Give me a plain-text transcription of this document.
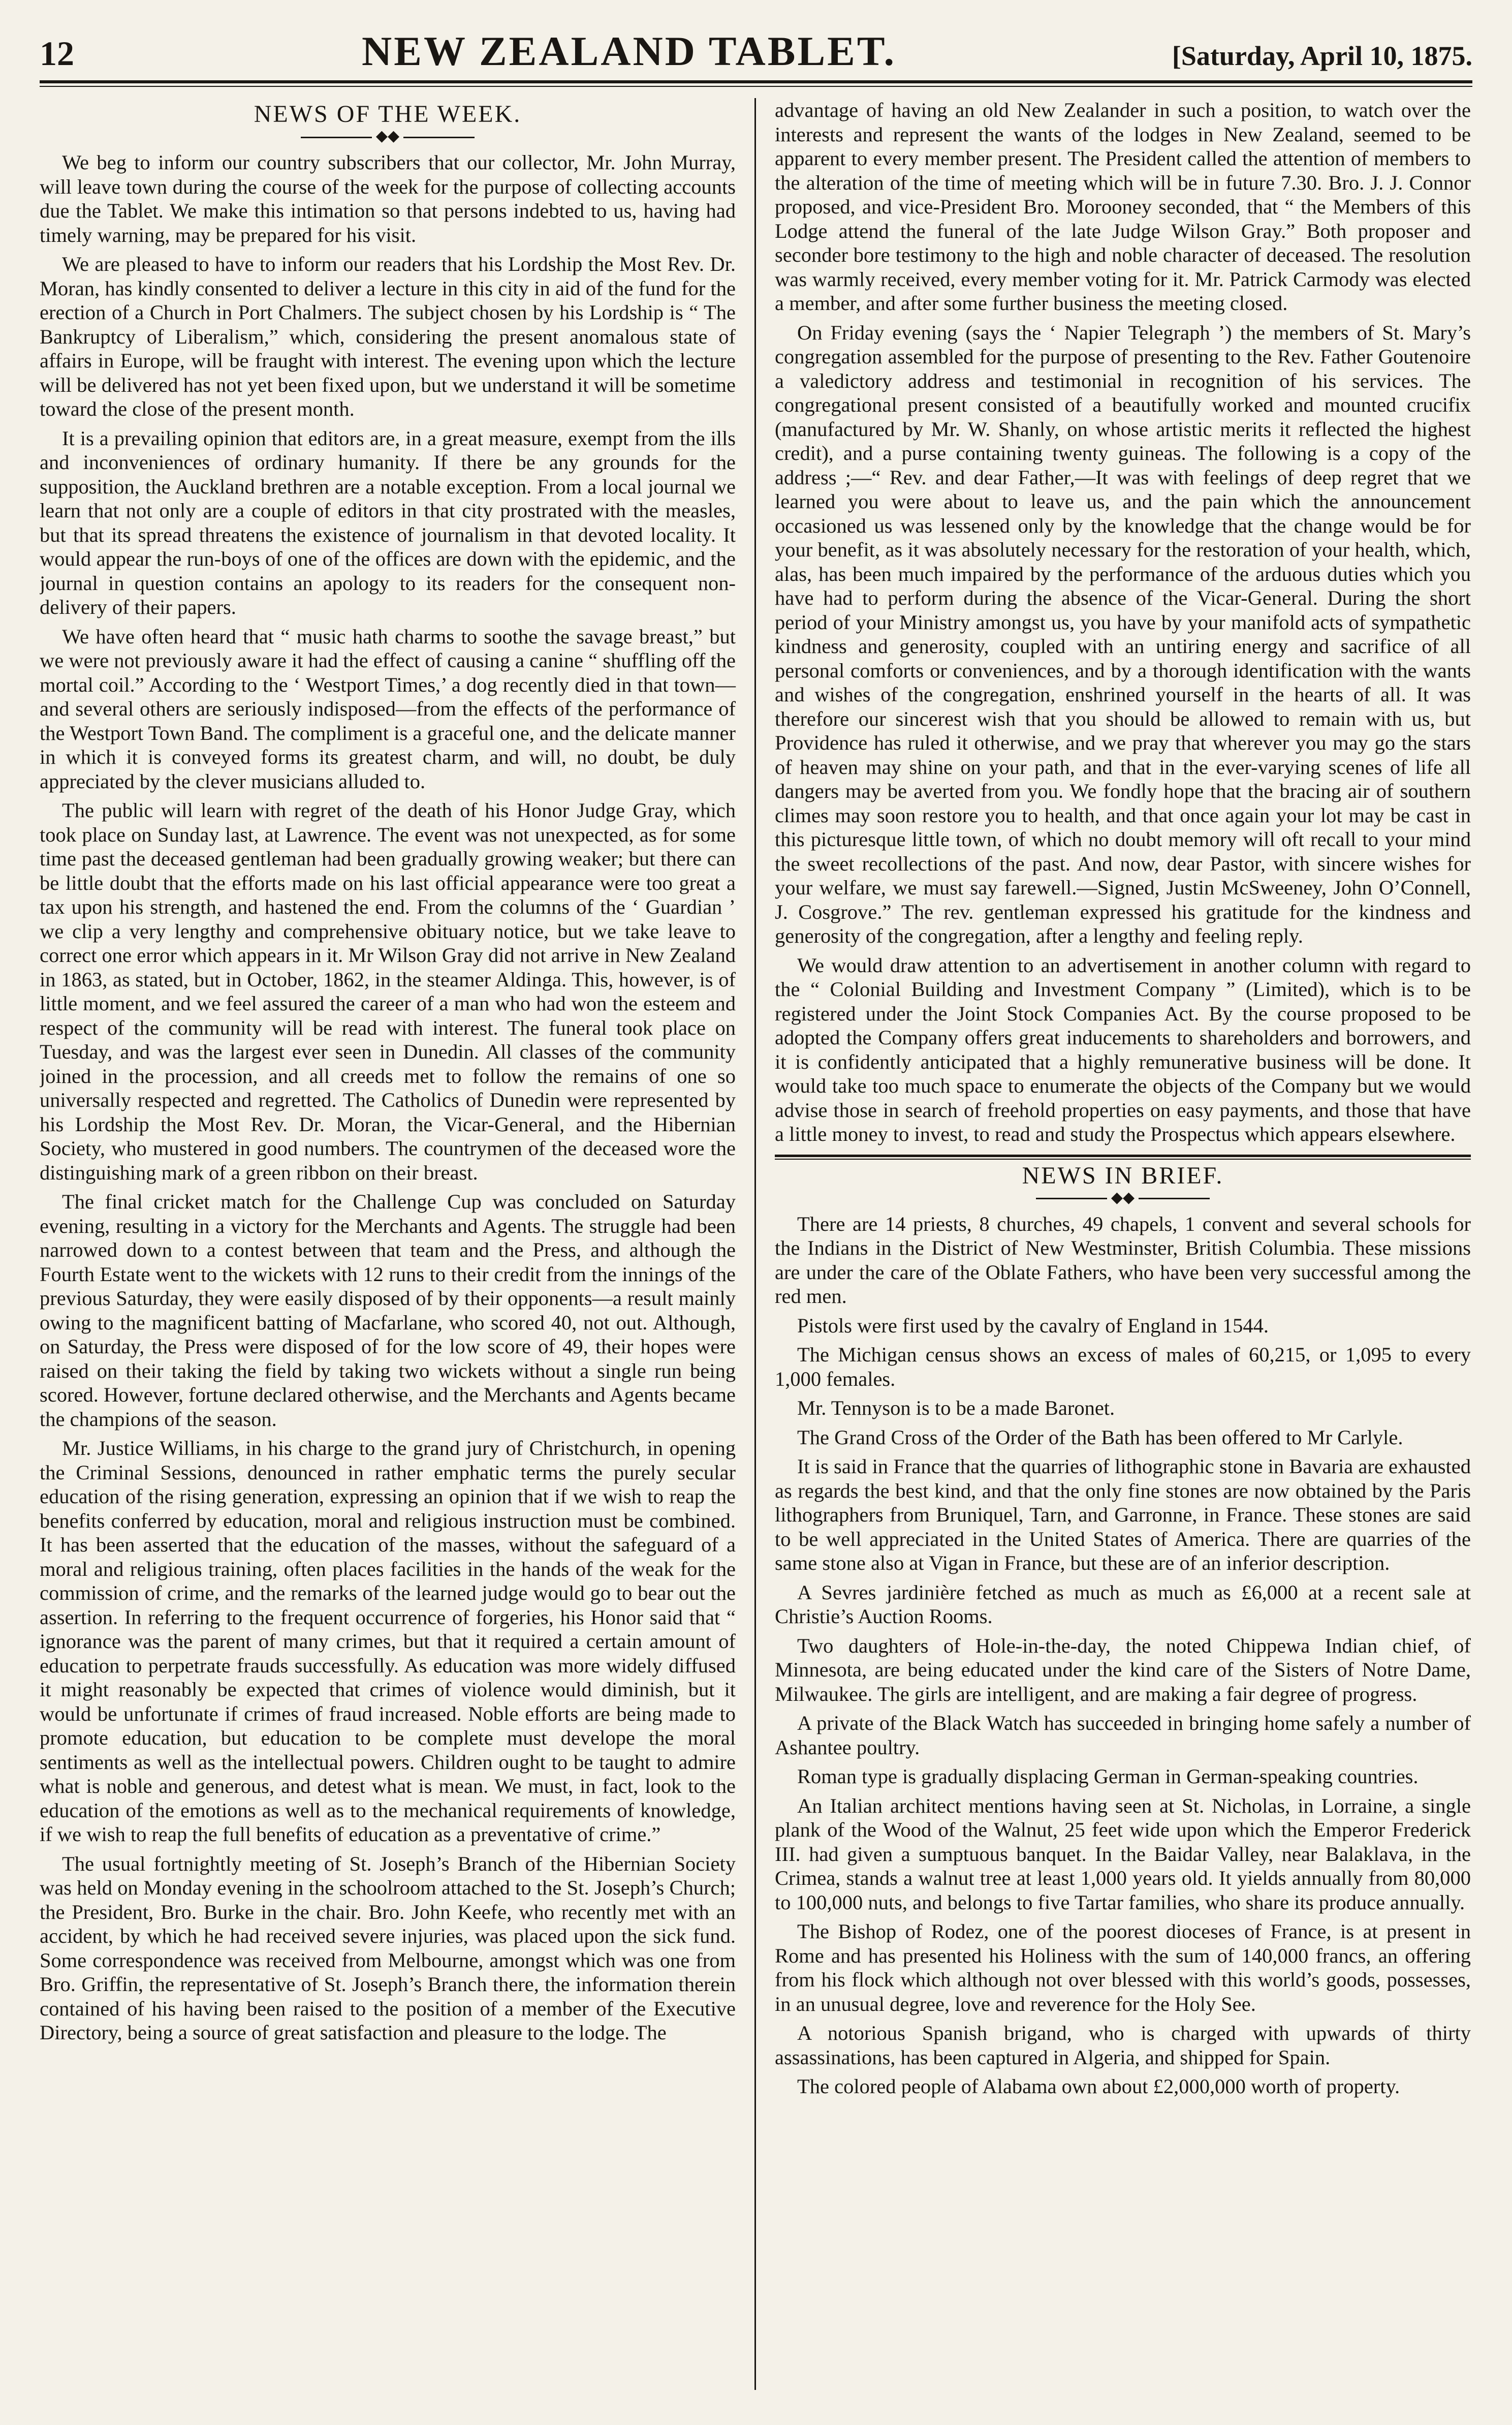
12	NEW ZEALAND TABLET.	[Saturday, April 10, 1875.
NEWS OF THE WEEK.
◆◆

We beg to inform our country subscribers that our collector, Mr. John Murray, will leave town during the course of the week for the purpose of collecting accounts due the Tablet. We make this intimation so that persons indebted to us, having had timely warning, may be prepared for his visit.

We are pleased to have to inform our readers that his Lordship the Most Rev. Dr. Moran, has kindly consented to deliver a lecture in this city in aid of the fund for the erection of a Church in Port Chalmers. The subject chosen by his Lordship is “ The Bankruptcy of Liberalism,” which, considering the present anomalous state of affairs in Europe, will be fraught with interest. The evening upon which the lecture will be delivered has not yet been fixed upon, but we understand it will be sometime toward the close of the present month.

It is a prevailing opinion that editors are, in a great measure, exempt from the ills and inconveniences of ordinary humanity. If there be any grounds for the supposition, the Auckland brethren are a notable exception. From a local journal we learn that not only are a couple of editors in that city prostrated with the measles, but that its spread threatens the existence of journalism in that devoted locality. It would appear the run-boys of one of the offices are down with the epidemic, and the journal in question contains an apology to its readers for the consequent non-delivery of their papers.

We have often heard that “ music hath charms to soothe the savage breast,” but we were not previously aware it had the effect of causing a canine “ shuffling off the mortal coil.” According to the ‘ Westport Times,’ a dog recently died in that town—and several others are seriously indisposed—from the effects of the performance of the Westport Town Band. The compliment is a graceful one, and the delicate manner in which it is conveyed forms its greatest charm, and will, no doubt, be duly appreciated by the clever musicians alluded to.

The public will learn with regret of the death of his Honor Judge Gray, which took place on Sunday last, at Lawrence. The event was not unexpected, as for some time past the deceased gentleman had been gradually growing weaker; but there can be little doubt that the efforts made on his last official appearance were too great a tax upon his strength, and hastened the end. From the columns of the ‘ Guardian ’ we clip a very lengthy and comprehensive obituary notice, but we take leave to correct one error which appears in it. Mr Wilson Gray did not arrive in New Zealand in 1863, as stated, but in October, 1862, in the steamer Aldinga. This, however, is of little moment, and we feel assured the career of a man who had won the esteem and respect of the community will be read with interest. The funeral took place on Tuesday, and was the largest ever seen in Dunedin. All classes of the community joined in the procession, and all creeds met to follow the remains of one so universally respected and regretted. The Catholics of Dunedin were represented by his Lordship the Most Rev. Dr. Moran, the Vicar-General, and the Hibernian Society, who mustered in good numbers. The countrymen of the deceased wore the distinguishing mark of a green ribbon on their breast.

The final cricket match for the Challenge Cup was concluded on Saturday evening, resulting in a victory for the Merchants and Agents. The struggle had been narrowed down to a contest between that team and the Press, and although the Fourth Estate went to the wickets with 12 runs to their credit from the innings of the previous Saturday, they were easily disposed of by their opponents—a result mainly owing to the magnificent batting of Macfarlane, who scored 40, not out. Although, on Saturday, the Press were disposed of for the low score of 49, their hopes were raised on their taking the field by taking two wickets without a single run being scored. However, fortune declared otherwise, and the Merchants and Agents became the champions of the season.

Mr. Justice Williams, in his charge to the grand jury of Christchurch, in opening the Criminal Sessions, denounced in rather emphatic terms the purely secular education of the rising generation, expressing an opinion that if we wish to reap the benefits conferred by education, moral and religious instruction must be combined. It has been asserted that the education of the masses, without the safeguard of a moral and religious training, often places facilities in the hands of the weak for the commission of crime, and the remarks of the learned judge would go to bear out the assertion. In referring to the frequent occurrence of forgeries, his Honor said that “ ignorance was the parent of many crimes, but that it required a certain amount of education to perpetrate frauds successfully. As education was more widely diffused it might reasonably be expected that crimes of violence would diminish, but it would be unfortunate if crimes of fraud increased. Noble efforts are being made to promote education, but education to be complete must develope the moral sentiments as well as the intellectual powers. Children ought to be taught to admire what is noble and generous, and detest what is mean. We must, in fact, look to the education of the emotions as well as to the mechanical requirements of knowledge, if we wish to reap the full benefits of education as a preventative of crime.”

The usual fortnightly meeting of St. Joseph’s Branch of the Hibernian Society was held on Monday evening in the schoolroom attached to the St. Joseph’s Church; the President, Bro. Burke in the chair. Bro. John Keefe, who recently met with an accident, by which he had received severe injuries, was placed upon the sick fund. Some correspondence was received from Melbourne, amongst which was one from Bro. Griffin, the representative of St. Joseph’s Branch there, the information therein contained of his having been raised to the position of a member of the Executive Directory, being a source of great satisfaction and pleasure to the lodge. The

advantage of having an old New Zealander in such a position, to watch over the interests and represent the wants of the lodges in New Zealand, seemed to be apparent to every member present. The President called the attention of members to the alteration of the time of meeting which will be in future 7.30. Bro. J. J. Connor proposed, and vice-President Bro. Morooney seconded, that “ the Members of this Lodge attend the funeral of the late Judge Wilson Gray.” Both proposer and seconder bore testimony to the high and noble character of deceased. The resolution was warmly received, every member voting for it. Mr. Patrick Carmody was elected a member, and after some further business the meeting closed.

On Friday evening (says the ‘ Napier Telegraph ’) the members of St. Mary’s congregation assembled for the purpose of presenting to the Rev. Father Goutenoire a valedictory address and testimonial in recognition of his services. The congregational present consisted of a beautifully worked and mounted crucifix (manufactured by Mr. W. Shanly, on whose artistic merits it reflected the highest credit), and a purse containing twenty guineas. The following is a copy of the address ;—“ Rev. and dear Father,—It was with feelings of deep regret that we learned you were about to leave us, and the pain which the announcement occasioned us was lessened only by the knowledge that the change would be for your benefit, as it was absolutely necessary for the restoration of your health, which, alas, has been much impaired by the performance of the arduous duties which you have had to perform during the absence of the Vicar-General. During the short period of your Ministry amongst us, you have by your manifold acts of sympathetic kindness and generosity, coupled with an untiring energy and sacrifice of all personal comforts or conveniences, and by a thorough identification with the wants and wishes of the congregation, enshrined yourself in the hearts of all. It was therefore our sincerest wish that you should be allowed to remain with us, but Providence has ruled it otherwise, and we pray that wherever you may go the stars of heaven may shine on your path, and that in the ever-varying scenes of life all dangers may be averted from you. We fondly hope that the bracing air of southern climes may soon restore you to health, and that once again your lot may be cast in this picturesque little town, of which no doubt memory will oft recall to your mind the sweet recollections of the past. And now, dear Pastor, with sincere wishes for your welfare, we must say farewell.—Signed, Justin McSweeney, John O’Connell, J. Cosgrove.” The rev. gentleman expressed his gratitude for the kindness and generosity of the congregation, after a lengthy and feeling reply.

We would draw attention to an advertisement in another column with regard to the “ Colonial Building and Investment Company ” (Limited), which is to be registered under the Joint Stock Companies Act. By the course proposed to be adopted the Company offers great inducements to shareholders and borrowers, and it is confidently anticipated that a highly remunerative business will be done. It would take too much space to enumerate the objects of the Company but we would advise those in search of freehold properties on easy payments, and those that have a little money to invest, to read and study the Prospectus which appears elsewhere.

NEWS IN BRIEF.
◆◆

There are 14 priests, 8 churches, 49 chapels, 1 convent and several schools for the Indians in the District of New Westminster, British Columbia. These missions are under the care of the Oblate Fathers, who have been very successful among the red men.

Pistols were first used by the cavalry of England in 1544.

The Michigan census shows an excess of males of 60,215, or 1,095 to every 1,000 females.

Mr. Tennyson is to be a made Baronet.

The Grand Cross of the Order of the Bath has been offered to Mr Carlyle.

It is said in France that the quarries of lithographic stone in Bavaria are exhausted as regards the best kind, and that the only fine stones are now obtained by the Paris lithographers from Bruniquel, Tarn, and Garronne, in France. These stones are said to be well appreciated in the United States of America. There are quarries of the same stone also at Vigan in France, but these are of an inferior description.

A Sevres jardinière fetched as much as much as £6,000 at a recent sale at Christie’s Auction Rooms.

Two daughters of Hole-in-the-day, the noted Chippewa Indian chief, of Minnesota, are being educated under the kind care of the Sisters of Notre Dame, Milwaukee. The girls are intelligent, and are making a fair degree of progress.

A private of the Black Watch has succeeded in bringing home safely a number of Ashantee poultry.

Roman type is gradually displacing German in German-speaking countries.

An Italian architect mentions having seen at St. Nicholas, in Lorraine, a single plank of the Wood of the Walnut, 25 feet wide upon which the Emperor Frederick III. had given a sumptuous banquet. In the Baidar Valley, near Balaklava, in the Crimea, stands a walnut tree at least 1,000 years old. It yields annually from 80,000 to 100,000 nuts, and belongs to five Tartar families, who share its produce annually.

The Bishop of Rodez, one of the poorest dioceses of France, is at present in Rome and has presented his Holiness with the sum of 140,000 francs, an offering from his flock which although not over blessed with this world’s goods, possesses, in an unusual degree, love and reverence for the Holy See.

A notorious Spanish brigand, who is charged with upwards of thirty assassinations, has been captured in Algeria, and shipped for Spain.

The colored people of Alabama own about £2,000,000 worth of property.
